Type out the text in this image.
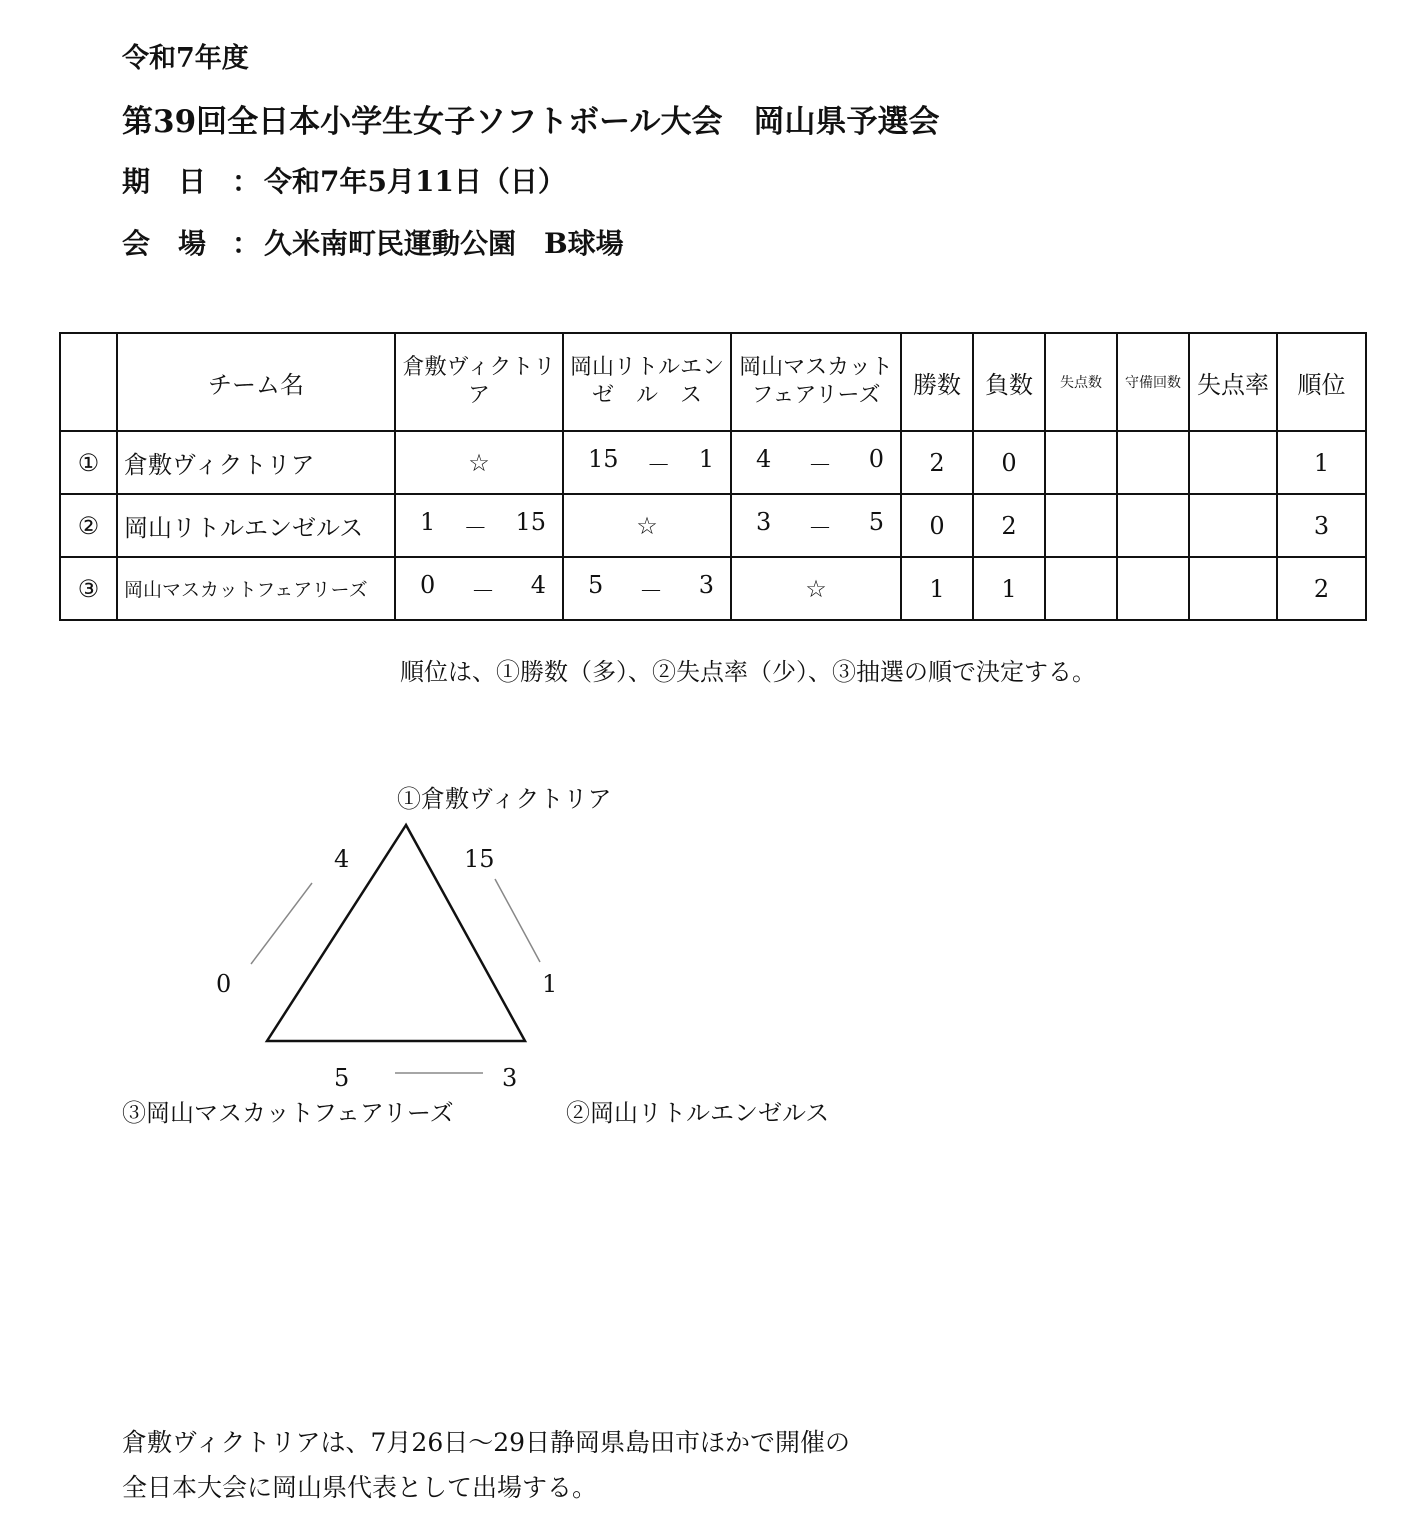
令和7年度
第39回全日本小学生女子ソフトボール大会　岡山県予選会
期　日 ： 令和7年5月11日（日）
会　場 ： 久米南町民運動公園　B球場
	チーム名	倉敷ヴィクトリア	岡山リトルエンゼ　ル　ス	岡山マスカットフェアリーズ	勝数	負数	失点数	守備回数	失点率	順位
①	倉敷ヴィクトリア	☆	15 － 1	4 － 0	2	0				1
②	岡山リトルエンゼルス	1 － 15	☆	3 － 5	0	2				3
③	岡山マスカットフェアリーズ	0 － 4	5 － 3	☆	1	1				2
順位は、①勝数（多）、②失点率（少）、③抽選の順で決定する。
①倉敷ヴィクトリア
4
0
15
1
5	3
③岡山マスカットフェアリーズ	②岡山リトルエンゼルス
倉敷ヴィクトリアは、7月26日～29日静岡県島田市ほかで開催の
全日本大会に岡山県代表として出場する。
